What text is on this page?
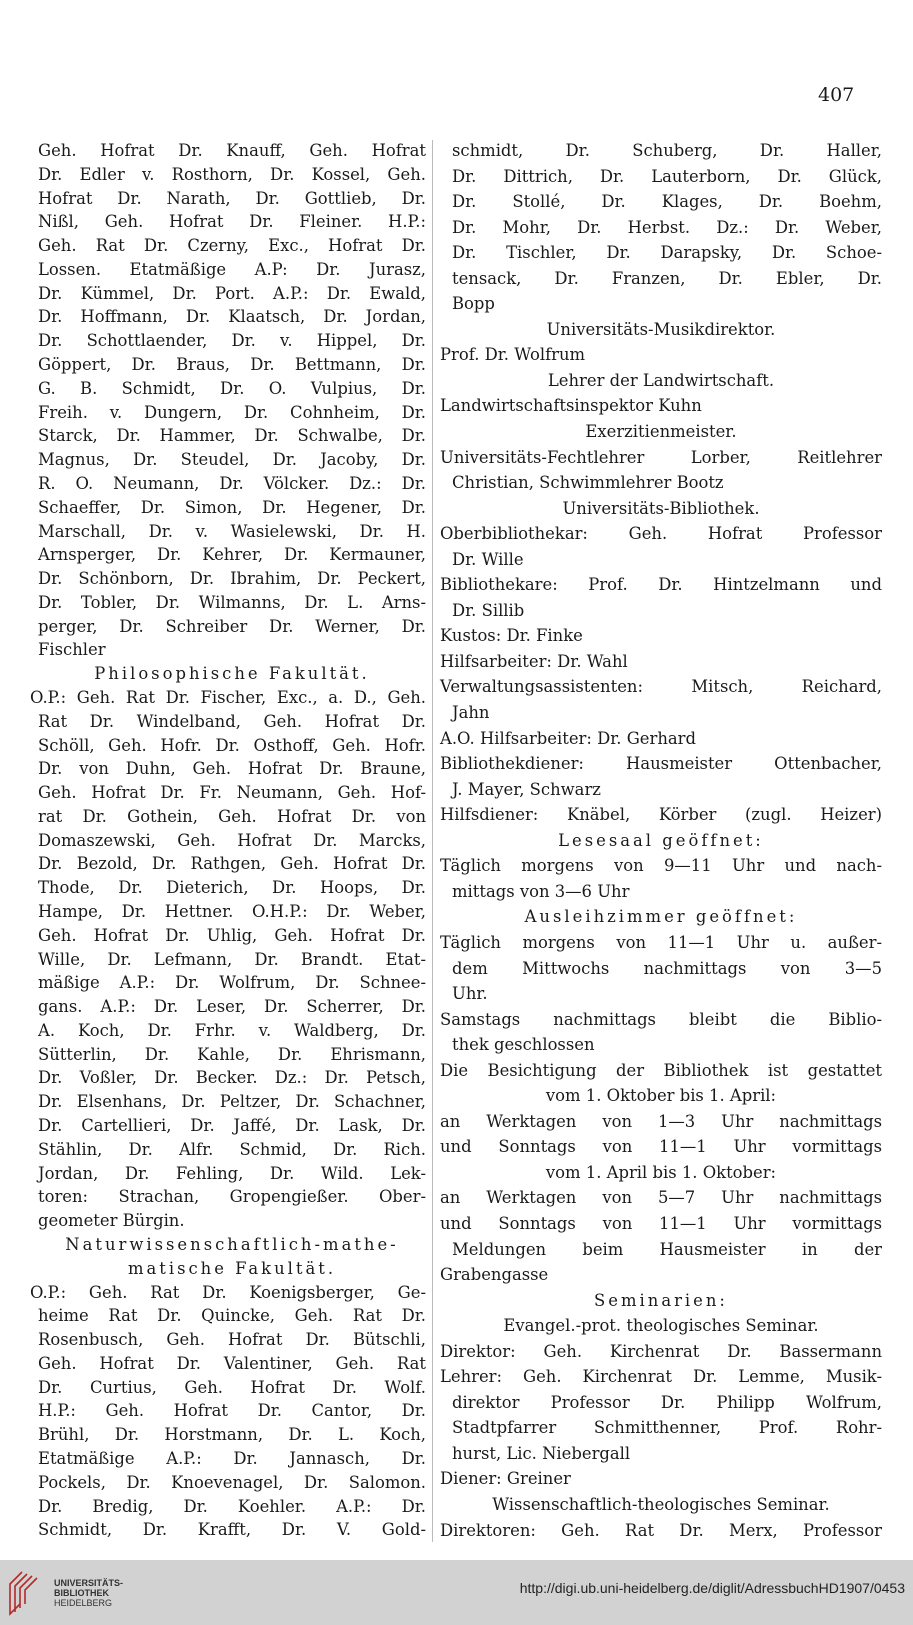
407
Geh. Hofrat Dr. Knauff, Geh. Hofrat
Dr. Edler v. Rosthorn, Dr. Kossel, Geh.
Hofrat Dr. Narath, Dr. Gottlieb, Dr.
Nißl, Geh. Hofrat Dr. Fleiner. H.P.:
Geh. Rat Dr. Czerny, Exc., Hofrat Dr.
Lossen. Etatmäßige A.P: Dr. Jurasz,
Dr. Kümmel, Dr. Port. A.P.: Dr. Ewald,
Dr. Hoffmann, Dr. Klaatsch, Dr. Jordan,
Dr. Schottlaender, Dr. v. Hippel, Dr.
Göppert, Dr. Braus, Dr. Bettmann, Dr.
G. B. Schmidt, Dr. O. Vulpius, Dr.
Freih. v. Dungern, Dr. Cohnheim, Dr.
Starck, Dr. Hammer, Dr. Schwalbe, Dr.
Magnus, Dr. Steudel, Dr. Jacoby, Dr.
R. O. Neumann, Dr. Völcker. Dz.: Dr.
Schaeffer, Dr. Simon, Dr. Hegener, Dr.
Marschall, Dr. v. Wasielewski, Dr. H.
Arnsperger, Dr. Kehrer, Dr. Kermauner,
Dr. Schönborn, Dr. Ibrahim, Dr. Peckert,
Dr. Tobler, Dr. Wilmanns, Dr. L. Arns-
perger, Dr. Schreiber Dr. Werner, Dr.
Fischler
Philosophische Fakultät.
O.P.: Geh. Rat Dr. Fischer, Exc., a. D., Geh.
Rat Dr. Windelband, Geh. Hofrat Dr.
Schöll, Geh. Hofr. Dr. Osthoff, Geh. Hofr.
Dr. von Duhn, Geh. Hofrat Dr. Braune,
Geh. Hofrat Dr. Fr. Neumann, Geh. Hof-
rat Dr. Gothein, Geh. Hofrat Dr. von
Domaszewski, Geh. Hofrat Dr. Marcks,
Dr. Bezold, Dr. Rathgen, Geh. Hofrat Dr.
Thode, Dr. Dieterich, Dr. Hoops, Dr.
Hampe, Dr. Hettner. O.H.P.: Dr. Weber,
Geh. Hofrat Dr. Uhlig, Geh. Hofrat Dr.
Wille, Dr. Lefmann, Dr. Brandt. Etat-
mäßige A.P.: Dr. Wolfrum, Dr. Schnee-
gans. A.P.: Dr. Leser, Dr. Scherrer, Dr.
A. Koch, Dr. Frhr. v. Waldberg, Dr.
Sütterlin, Dr. Kahle, Dr. Ehrismann,
Dr. Voßler, Dr. Becker. Dz.: Dr. Petsch,
Dr. Elsenhans, Dr. Peltzer, Dr. Schachner,
Dr. Cartellieri, Dr. Jaffé, Dr. Lask, Dr.
Stählin, Dr. Alfr. Schmid, Dr. Rich.
Jordan, Dr. Fehling, Dr. Wild. Lek-
toren: Strachan, Gropengießer. Ober-
geometer Bürgin.
Naturwissenschaftlich-mathe-
matische Fakultät.
O.P.: Geh. Rat Dr. Koenigsberger, Ge-
heime Rat Dr. Quincke, Geh. Rat Dr.
Rosenbusch, Geh. Hofrat Dr. Bütschli,
Geh. Hofrat Dr. Valentiner, Geh. Rat
Dr. Curtius, Geh. Hofrat Dr. Wolf.
H.P.: Geh. Hofrat Dr. Cantor, Dr.
Brühl, Dr. Horstmann, Dr. L. Koch,
Etatmäßige A.P.: Dr. Jannasch, Dr.
Pockels, Dr. Knoevenagel, Dr. Salomon.
Dr. Bredig, Dr. Koehler. A.P.: Dr.
Schmidt, Dr. Krafft, Dr. V. Gold-
schmidt, Dr. Schuberg, Dr. Haller,
Dr. Dittrich, Dr. Lauterborn, Dr. Glück,
Dr. Stollé, Dr. Klages, Dr. Boehm,
Dr. Mohr, Dr. Herbst. Dz.: Dr. Weber,
Dr. Tischler, Dr. Darapsky, Dr. Schoe-
tensack, Dr. Franzen, Dr. Ebler, Dr.
Bopp
Universitäts-Musikdirektor.
Prof. Dr. Wolfrum
Lehrer der Landwirtschaft.
Landwirtschaftsinspektor Kuhn
Exerzitienmeister.
Universitäts-Fechtlehrer Lorber, Reitlehrer
Christian, Schwimmlehrer Bootz
Universitäts-Bibliothek.
Oberbibliothekar: Geh. Hofrat Professor
Dr. Wille
Bibliothekare: Prof. Dr. Hintzelmann und
Dr. Sillib
Kustos: Dr. Finke
Hilfsarbeiter: Dr. Wahl
Verwaltungsassistenten: Mitsch, Reichard,
Jahn
A.O. Hilfsarbeiter: Dr. Gerhard
Bibliothekdiener: Hausmeister Ottenbacher,
J. Mayer, Schwarz
Hilfsdiener: Knäbel, Körber (zugl. Heizer)
Lesesaal geöffnet:
Täglich morgens von 9—11 Uhr und nach-
mittags von 3—6 Uhr
Ausleihzimmer geöffnet:
Täglich morgens von 11—1 Uhr u. außer-
dem Mittwochs nachmittags von 3—5
Uhr.
Samstags nachmittags bleibt die Biblio-
thek geschlossen
Die Besichtigung der Bibliothek ist gestattet
vom 1. Oktober bis 1. April:
an Werktagen von 1—3 Uhr nachmittags
und Sonntags von 11—1 Uhr vormittags
vom 1. April bis 1. Oktober:
an Werktagen von 5—7 Uhr nachmittags
und Sonntags von 11—1 Uhr vormittags
Meldungen beim Hausmeister in der
Grabengasse
Seminarien:
Evangel.-prot. theologisches Seminar.
Direktor: Geh. Kirchenrat Dr. Bassermann
Lehrer: Geh. Kirchenrat Dr. Lemme, Musik-
direktor Professor Dr. Philipp Wolfrum,
Stadtpfarrer Schmitthenner, Prof. Rohr-
hurst, Lic. Niebergall
Diener: Greiner
Wissenschaftlich-theologisches Seminar.
Direktoren: Geh. Rat Dr. Merx, Professor
UNIVERSITÄTS-
BIBLIOTHEK
HEIDELBERG
http://digi.ub.uni-heidelberg.de/diglit/AdressbuchHD1907/0453
